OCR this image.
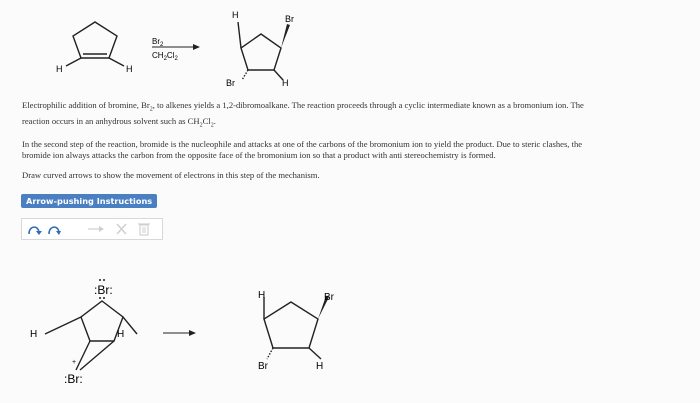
H	H
$Br_2$
$CH_2Cl_2$
H	Br
Br	H
Electrophilic addition of bromine, $Br_2$, to alkenes yields a 1,2-dibromoalkane. The reaction proceeds through a cyclic intermediate known as a bromonium ion. The
reaction occurs in an anhydrous solvent such as $CH_2Cl_2$.
In the second step of the reaction, bromide is the nucleophile and attacks at one of the carbons of the bromonium ion to yield the product. Due to steric clashes, the
bromide ion always attacks the carbon from the opposite face of the bromonium ion so that a product with anti stereochemistry is formed.
Draw curved arrows to show the movement of electrons in this step of the mechanism.
Arrow-pushing Instructions
:Br:
H	H
+
:Br:
H	Br
Br	H
